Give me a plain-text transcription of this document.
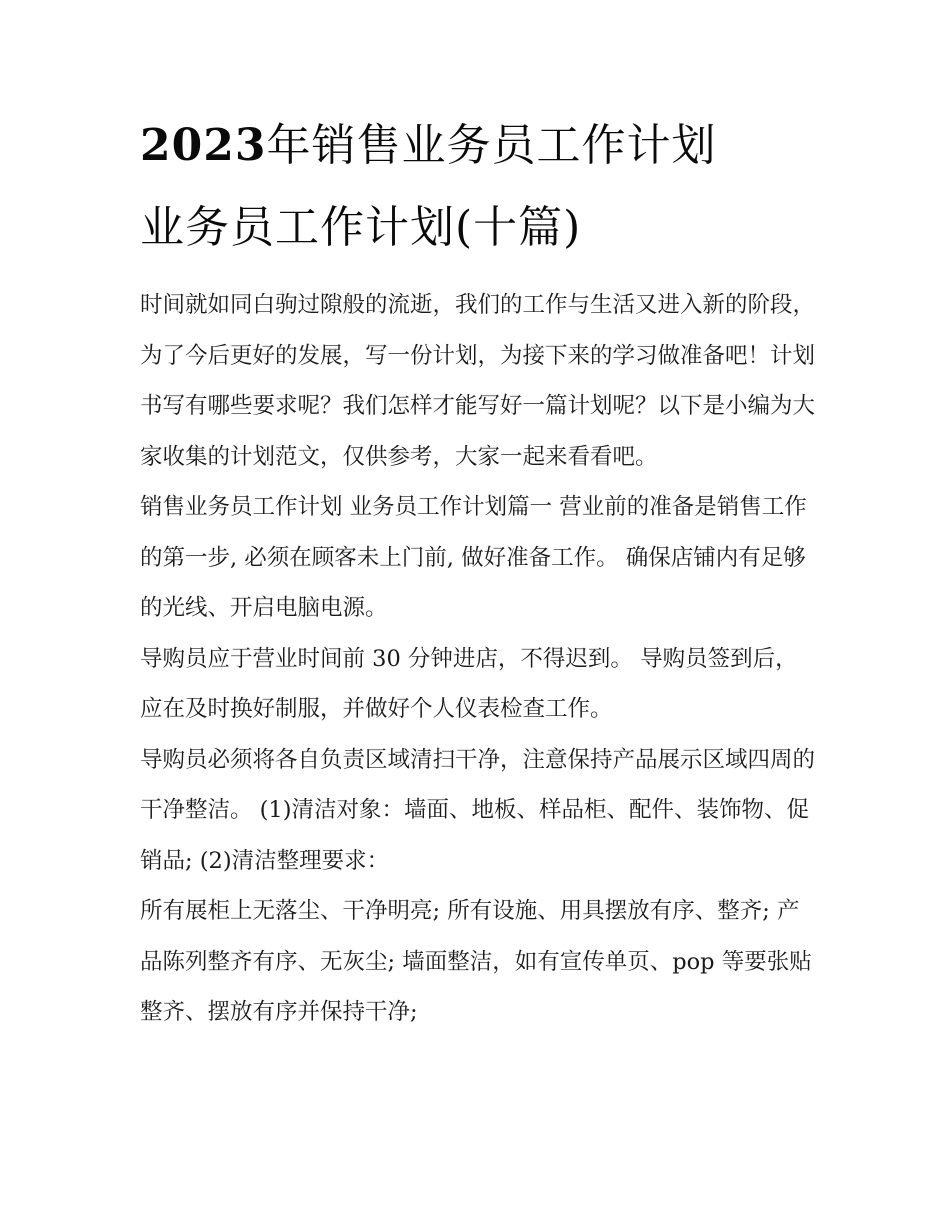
2023年销售业务员工作计划
业务员工作计划(十篇)

时间就如同白驹过隙般的流逝，我们的工作与生活又进入新的阶段，为了今后更好的发展，写一份计划，为接下来的学习做准备吧！计划书写有哪些要求呢？我们怎样才能写好一篇计划呢？以下是小编为大家收集的计划范文，仅供参考，大家一起来看看吧。

销售业务员工作计划 业务员工作计划篇一 营业前的准备是销售工作的第一步, 必须在顾客未上门前, 做好准备工作。 确保店铺内有足够的光线、开启电脑电源。

导购员应于营业时间前 30 分钟进店，不得迟到。 导购员签到后，应在及时换好制服，并做好个人仪表检查工作。

导购员必须将各自负责区域清扫干净，注意保持产品展示区域四周的干净整洁。 (1)清洁对象：墙面、地板、样品柜、配件、装饰物、促销品; (2)清洁整理要求：

所有展柜上无落尘、干净明亮; 所有设施、用具摆放有序、整齐; 产品陈列整齐有序、无灰尘; 墙面整洁，如有宣传单页、pop 等要张贴整齐、摆放有序并保持干净;
